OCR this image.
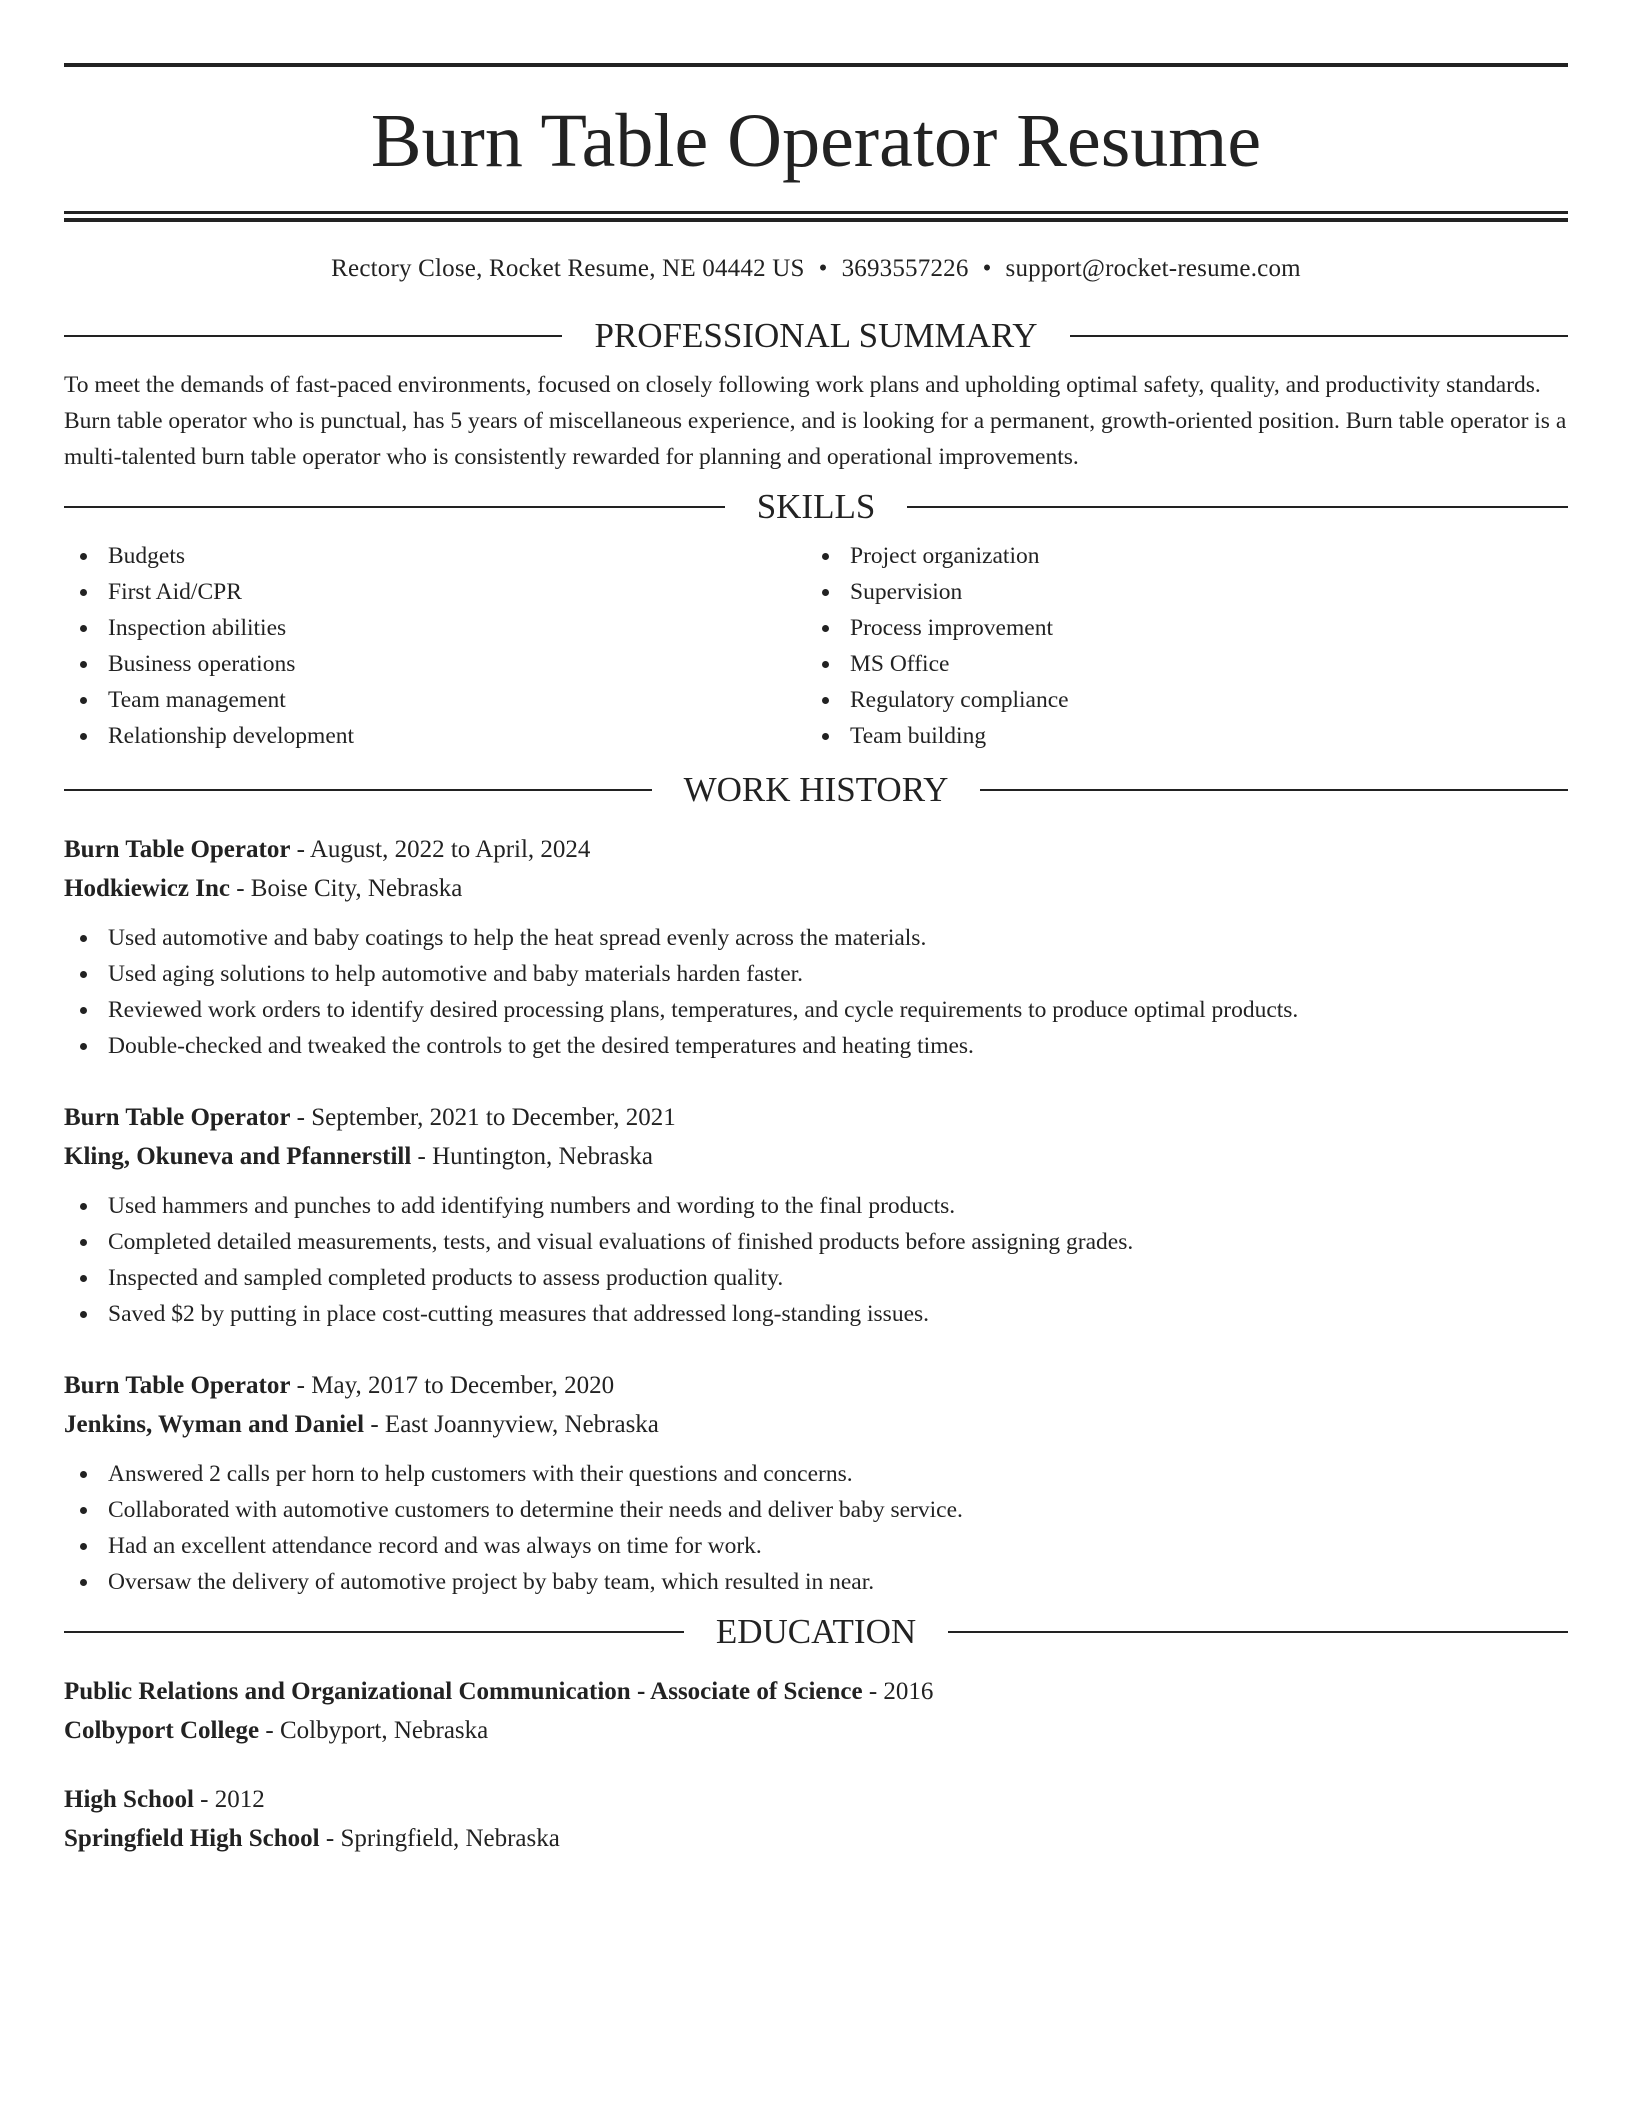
Burn Table Operator Resume
Rectory Close, Rocket Resume, NE 04442 US • 3693557226 • support@rocket-resume.com
PROFESSIONAL SUMMARY

To meet the demands of fast-paced environments, focused on closely following work plans and upholding optimal safety, quality, and productivity standards. Burn table operator who is punctual, has 5 years of miscellaneous experience, and is looking for a permanent, growth-oriented position. Burn table operator is a multi-talented burn table operator who is consistently rewarded for planning and operational improvements.

SKILLS
Budgets
First Aid/CPR
Inspection abilities
Business operations
Team management
Relationship development
Project organization
Supervision
Process improvement
MS Office
Regulatory compliance
Team building
WORK HISTORY
Burn Table Operator - August, 2022 to April, 2024
Hodkiewicz Inc - Boise City, Nebraska
Used automotive and baby coatings to help the heat spread evenly across the materials.
Used aging solutions to help automotive and baby materials harden faster.
Reviewed work orders to identify desired processing plans, temperatures, and cycle requirements to produce optimal products.
Double-checked and tweaked the controls to get the desired temperatures and heating times.
Burn Table Operator - September, 2021 to December, 2021
Kling, Okuneva and Pfannerstill - Huntington, Nebraska
Used hammers and punches to add identifying numbers and wording to the final products.
Completed detailed measurements, tests, and visual evaluations of finished products before assigning grades.
Inspected and sampled completed products to assess production quality.
Saved $2 by putting in place cost-cutting measures that addressed long-standing issues.
Burn Table Operator - May, 2017 to December, 2020
Jenkins, Wyman and Daniel - East Joannyview, Nebraska
Answered 2 calls per horn to help customers with their questions and concerns.
Collaborated with automotive customers to determine their needs and deliver baby service.
Had an excellent attendance record and was always on time for work.
Oversaw the delivery of automotive project by baby team, which resulted in near.
EDUCATION
Public Relations and Organizational Communication - Associate of Science - 2016
Colbyport College - Colbyport, Nebraska
High School - 2012
Springfield High School - Springfield, Nebraska
